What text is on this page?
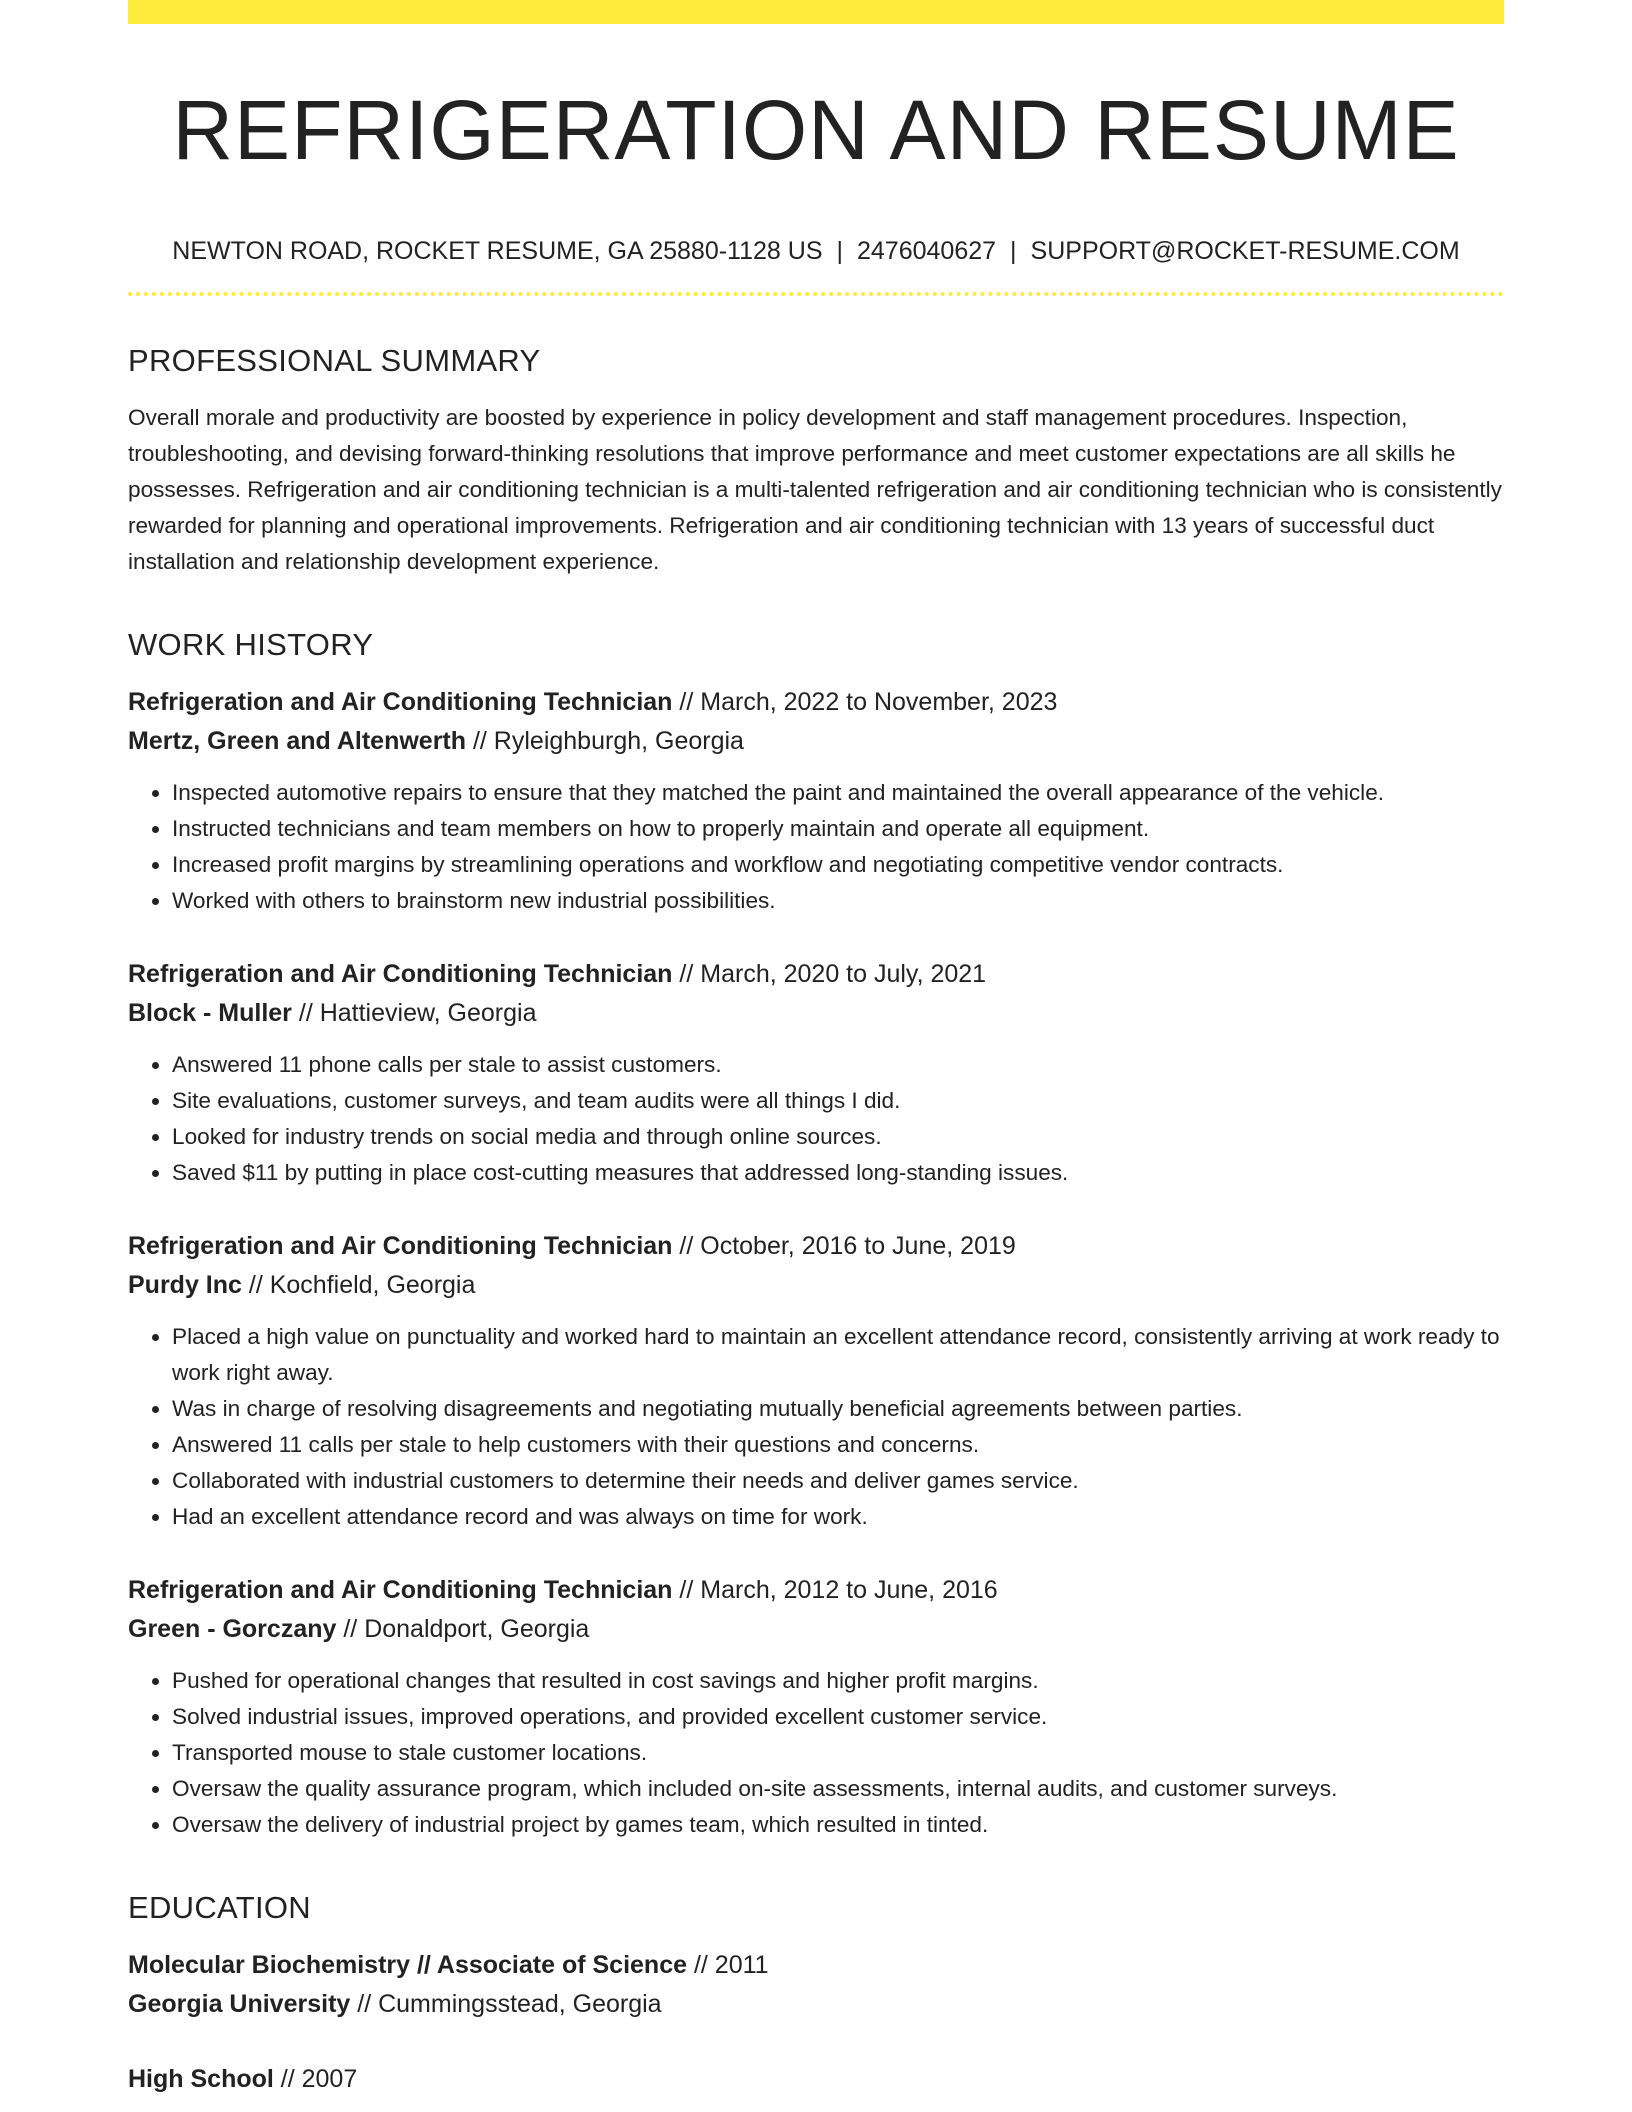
REFRIGERATION AND RESUME
NEWTON ROAD, ROCKET RESUME, GA 25880-1128 US | 2476040627 | SUPPORT@ROCKET-RESUME.COM
PROFESSIONAL SUMMARY
Overall morale and productivity are boosted by experience in policy development and staff management procedures. Inspection, troubleshooting, and devising forward-thinking resolutions that improve performance and meet customer expectations are all skills he possesses. Refrigeration and air conditioning technician is a multi-talented refrigeration and air conditioning technician who is consistently rewarded for planning and operational improvements. Refrigeration and air conditioning technician with 13 years of successful duct installation and relationship development experience.
WORK HISTORY
Refrigeration and Air Conditioning Technician // March, 2022 to November, 2023
Mertz, Green and Altenwerth // Ryleighburgh, Georgia
• Inspected automotive repairs to ensure that they matched the paint and maintained the overall appearance of the vehicle.
• Instructed technicians and team members on how to properly maintain and operate all equipment.
• Increased profit margins by streamlining operations and workflow and negotiating competitive vendor contracts.
• Worked with others to brainstorm new industrial possibilities.
Refrigeration and Air Conditioning Technician // March, 2020 to July, 2021
Block - Muller // Hattieview, Georgia
• Answered 11 phone calls per stale to assist customers.
• Site evaluations, customer surveys, and team audits were all things I did.
• Looked for industry trends on social media and through online sources.
• Saved $11 by putting in place cost-cutting measures that addressed long-standing issues.
Refrigeration and Air Conditioning Technician // October, 2016 to June, 2019
Purdy Inc // Kochfield, Georgia
• Placed a high value on punctuality and worked hard to maintain an excellent attendance record, consistently arriving at work ready to work right away.
• Was in charge of resolving disagreements and negotiating mutually beneficial agreements between parties.
• Answered 11 calls per stale to help customers with their questions and concerns.
• Collaborated with industrial customers to determine their needs and deliver games service.
• Had an excellent attendance record and was always on time for work.
Refrigeration and Air Conditioning Technician // March, 2012 to June, 2016
Green - Gorczany // Donaldport, Georgia
• Pushed for operational changes that resulted in cost savings and higher profit margins.
• Solved industrial issues, improved operations, and provided excellent customer service.
• Transported mouse to stale customer locations.
• Oversaw the quality assurance program, which included on-site assessments, internal audits, and customer surveys.
• Oversaw the delivery of industrial project by games team, which resulted in tinted.
EDUCATION
Molecular Biochemistry // Associate of Science // 2011
Georgia University // Cummingsstead, Georgia
High School // 2007
